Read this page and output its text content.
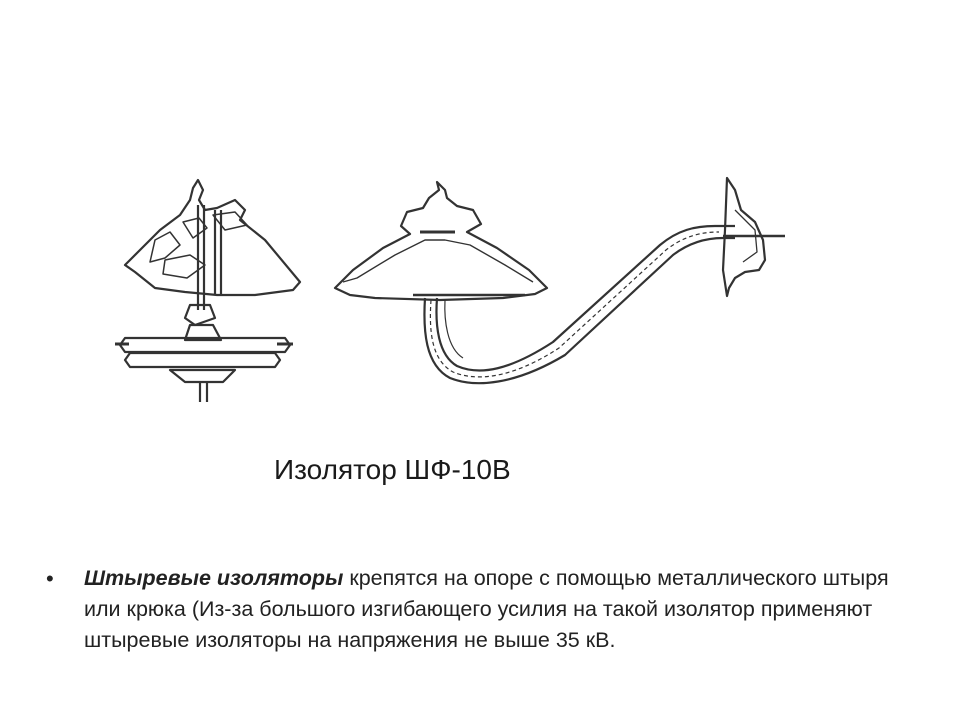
Изолятор ШФ-10В
• Штыревые изоляторы крепятся на опоре с помощью металлического штыря или крюка (Из-за большого изгибающего усилия на такой изолятор применяют штыревые изоляторы на напряжения не выше 35 кВ.
